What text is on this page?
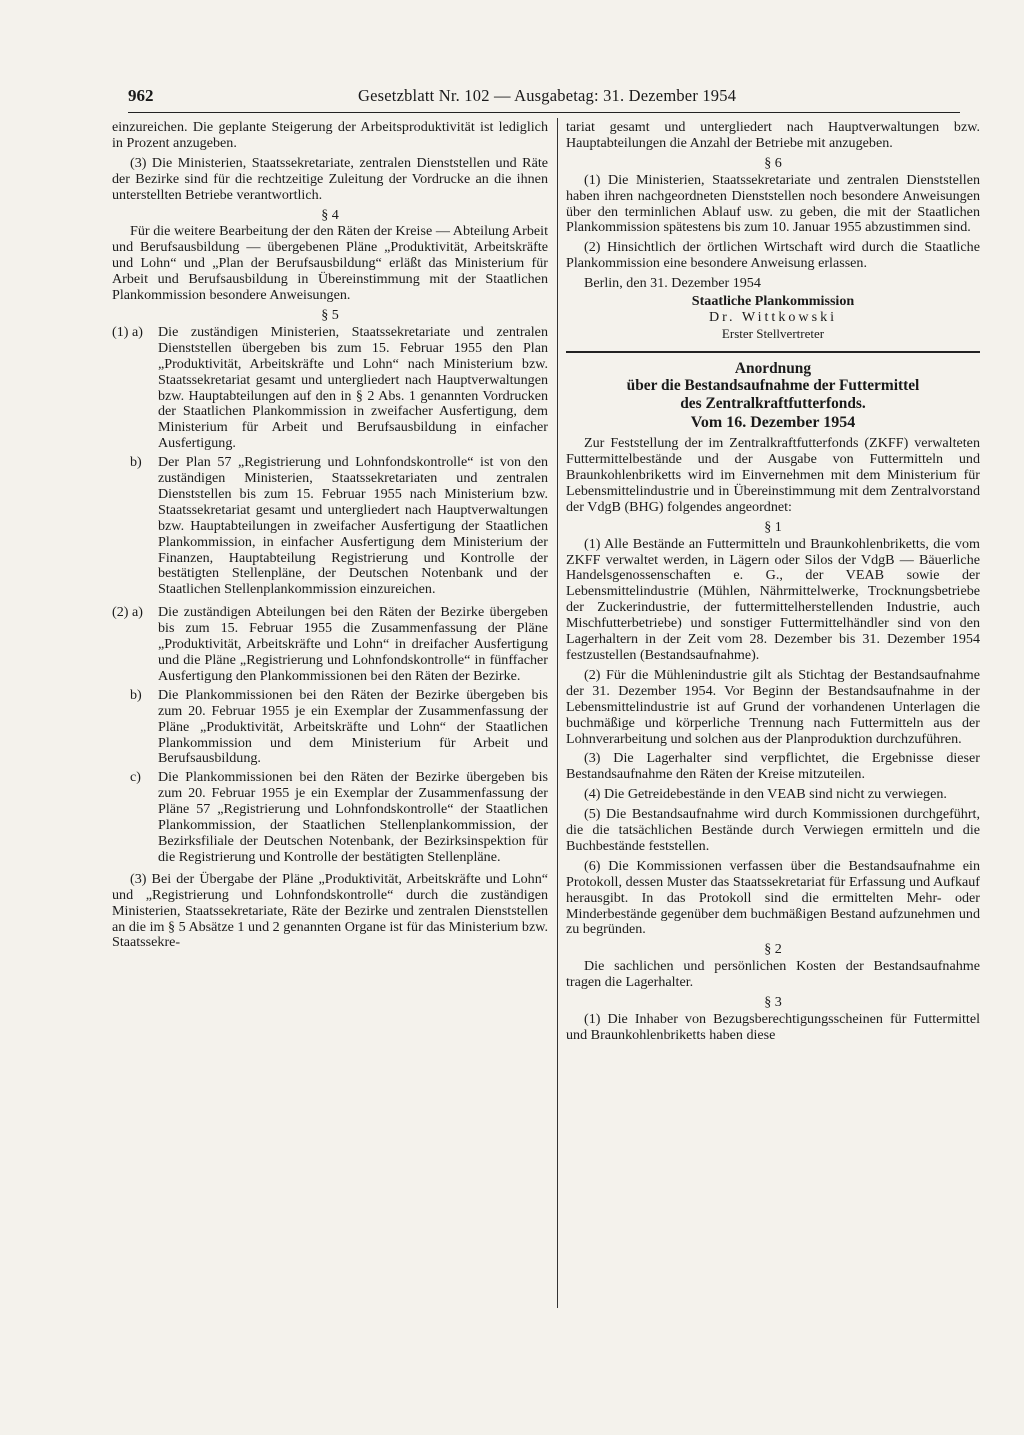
962	Gesetzblatt Nr. 102 — Ausgabetag: 31. Dezember 1954

einzureichen. Die geplante Steigerung der Arbeitsproduktivität ist lediglich in Prozent anzugeben.

(3) Die Ministerien, Staatssekretariate, zentralen Dienststellen und Räte der Bezirke sind für die rechtzeitige Zuleitung der Vordrucke an die ihnen unterstellten Betriebe verantwortlich.

§ 4

Für die weitere Bearbeitung der den Räten der Kreise — Abteilung Arbeit und Berufsausbildung — übergebenen Pläne „Produktivität, Arbeitskräfte und Lohn“ und „Plan der Berufsausbildung“ erläßt das Ministerium für Arbeit und Berufsausbildung in Übereinstimmung mit der Staatlichen Plankommission besondere Anweisungen.

§ 5

(1) a)	Die zuständigen Ministerien, Staatssekretariate und zentralen Dienststellen übergeben bis zum 15. Februar 1955 den Plan „Produktivität, Arbeitskräfte und Lohn“ nach Ministerium bzw. Staatssekretariat gesamt und untergliedert nach Hauptverwaltungen bzw. Hauptabteilungen auf den in § 2 Abs. 1 genannten Vordrucken der Staatlichen Plankommission in zweifacher Ausfertigung, dem Ministerium für Arbeit und Berufsausbildung in einfacher Ausfertigung.
b)	Der Plan 57 „Registrierung und Lohnfondskontrolle“ ist von den zuständigen Ministerien, Staatssekretariaten und zentralen Dienststellen bis zum 15. Februar 1955 nach Ministerium bzw. Staatssekretariat gesamt und untergliedert nach Hauptverwaltungen bzw. Hauptabteilungen in zweifacher Ausfertigung der Staatlichen Plankommission, in einfacher Ausfertigung dem Ministerium der Finanzen, Hauptabteilung Registrierung und Kontrolle der bestätigten Stellenpläne, der Deutschen Notenbank und der Staatlichen Stellenplankommission einzureichen.
(2) a)	Die zuständigen Abteilungen bei den Räten der Bezirke übergeben bis zum 15. Februar 1955 die Zusammenfassung der Pläne „Produktivität, Arbeitskräfte und Lohn“ in dreifacher Ausfertigung und die Pläne „Registrierung und Lohnfondskontrolle“ in fünffacher Ausfertigung den Plankommissionen bei den Räten der Bezirke.
b)	Die Plankommissionen bei den Räten der Bezirke übergeben bis zum 20. Februar 1955 je ein Exemplar der Zusammenfassung der Pläne „Produktivität, Arbeitskräfte und Lohn“ der Staatlichen Plankommission und dem Ministerium für Arbeit und Berufsausbildung.
c)	Die Plankommissionen bei den Räten der Bezirke übergeben bis zum 20. Februar 1955 je ein Exemplar der Zusammenfassung der Pläne 57 „Registrierung und Lohnfondskontrolle“ der Staatlichen Plankommission, der Staatlichen Stellenplankommission, der Bezirksfiliale der Deutschen Notenbank, der Bezirksinspektion für die Registrierung und Kontrolle der bestätigten Stellenpläne.

(3) Bei der Übergabe der Pläne „Produktivität, Arbeitskräfte und Lohn“ und „Registrierung und Lohnfondskontrolle“ durch die zuständigen Ministerien, Staatssekretariate, Räte der Bezirke und zentralen Dienststellen an die im § 5 Absätze 1 und 2 genannten Organe ist für das Ministerium bzw. Staatssekre-

tariat gesamt und untergliedert nach Hauptverwaltungen bzw. Hauptabteilungen die Anzahl der Betriebe mit anzugeben.

§ 6

(1) Die Ministerien, Staatssekretariate und zentralen Dienststellen haben ihren nachgeordneten Dienststellen noch besondere Anweisungen über den terminlichen Ablauf usw. zu geben, die mit der Staatlichen Plankommission spätestens bis zum 10. Januar 1955 abzustimmen sind.

(2) Hinsichtlich der örtlichen Wirtschaft wird durch die Staatliche Plankommission eine besondere Anweisung erlassen.

Berlin, den 31. Dezember 1954

Staatliche Plankommission

Dr. Wittkowski

Erster Stellvertreter

Anordnung

über die Bestandsaufnahme der Futtermittel

des Zentralkraftfutterfonds.

Vom 16. Dezember 1954

Zur Feststellung der im Zentralkraftfutterfonds (ZKFF) verwalteten Futtermittelbestände und der Ausgabe von Futtermitteln und Braunkohlenbriketts wird im Einvernehmen mit dem Ministerium für Lebensmittelindustrie und in Übereinstimmung mit dem Zentralvorstand der VdgB (BHG) folgendes angeordnet:

§ 1

(1) Alle Bestände an Futtermitteln und Braunkohlenbriketts, die vom ZKFF verwaltet werden, in Lägern oder Silos der VdgB — Bäuerliche Handelsgenossenschaften e. G., der VEAB sowie der Lebensmittelindustrie (Mühlen, Nährmittelwerke, Trocknungsbetriebe der Zuckerindustrie, der futtermittelherstellenden Industrie, auch Mischfutterbetriebe) und sonstiger Futtermittelhändler sind von den Lagerhaltern in der Zeit vom 28. Dezember bis 31. Dezember 1954 festzustellen (Bestandsaufnahme).

(2) Für die Mühlenindustrie gilt als Stichtag der Bestandsaufnahme der 31. Dezember 1954. Vor Beginn der Bestandsaufnahme in der Lebensmittelindustrie ist auf Grund der vorhandenen Unterlagen die buchmäßige und körperliche Trennung nach Futtermitteln aus der Lohnverarbeitung und solchen aus der Planproduktion durchzuführen.

(3) Die Lagerhalter sind verpflichtet, die Ergebnisse dieser Bestandsaufnahme den Räten der Kreise mitzuteilen.

(4) Die Getreidebestände in den VEAB sind nicht zu verwiegen.

(5) Die Bestandsaufnahme wird durch Kommissionen durchgeführt, die die tatsächlichen Bestände durch Verwiegen ermitteln und die Buchbestände feststellen.

(6) Die Kommissionen verfassen über die Bestandsaufnahme ein Protokoll, dessen Muster das Staatssekretariat für Erfassung und Aufkauf herausgibt. In das Protokoll sind die ermittelten Mehr- oder Minderbestände gegenüber dem buchmäßigen Bestand aufzunehmen und zu begründen.

§ 2

Die sachlichen und persönlichen Kosten der Bestandsaufnahme tragen die Lagerhalter.

§ 3

(1) Die Inhaber von Bezugsberechtigungsscheinen für Futtermittel und Braunkohlenbriketts haben diese
